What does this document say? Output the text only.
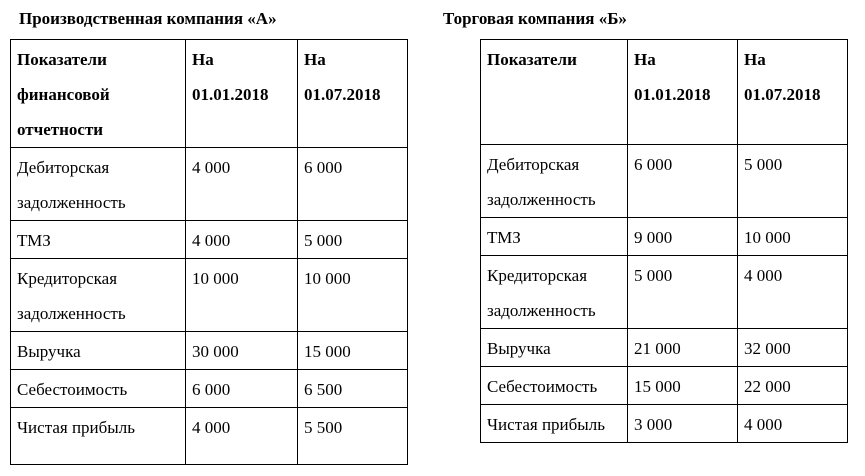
Производственная компания «А»
Показатели финансовой отчетности	На 01.01.2018	На 01.07.2018
Дебиторская задолженность	4 000	6 000
ТМЗ	4 000	5 000
Кредиторская задолженность	10 000	10 000
Выручка	30 000	15 000
Себестоимость	6 000	6 500
Чистая прибыль	4 000	5 500
Торговая компания «Б»
Показатели	На 01.01.2018	На 01.07.2018
Дебиторская задолженность	6 000	5 000
ТМЗ	9 000	10 000
Кредиторская задолженность	5 000	4 000
Выручка	21 000	32 000
Себестоимость	15 000	22 000
Чистая прибыль	3 000	4 000
